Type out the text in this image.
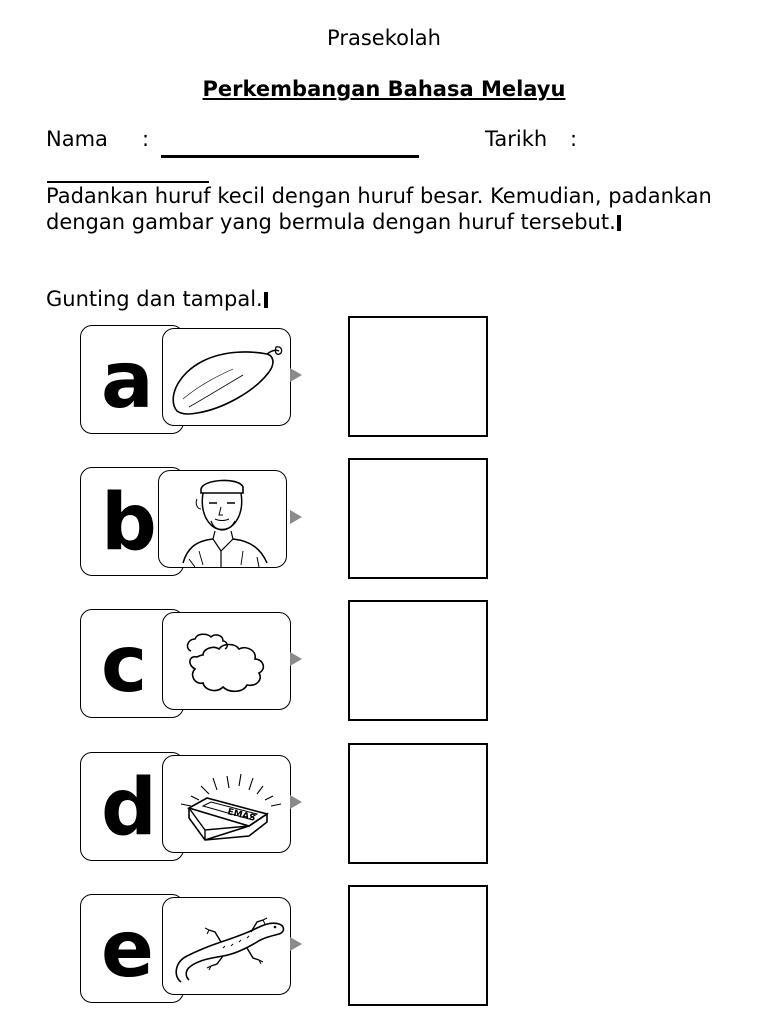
Prasekolah
Perkembangan Bahasa Melayu
Nama :	Tarikh :

Padankan huruf kecil dengan huruf besar. Kemudian, padankan dengan gambar yang bermula dengan huruf tersebut.

Gunting dan tampal.

a
b
c
d	EMAS
e
